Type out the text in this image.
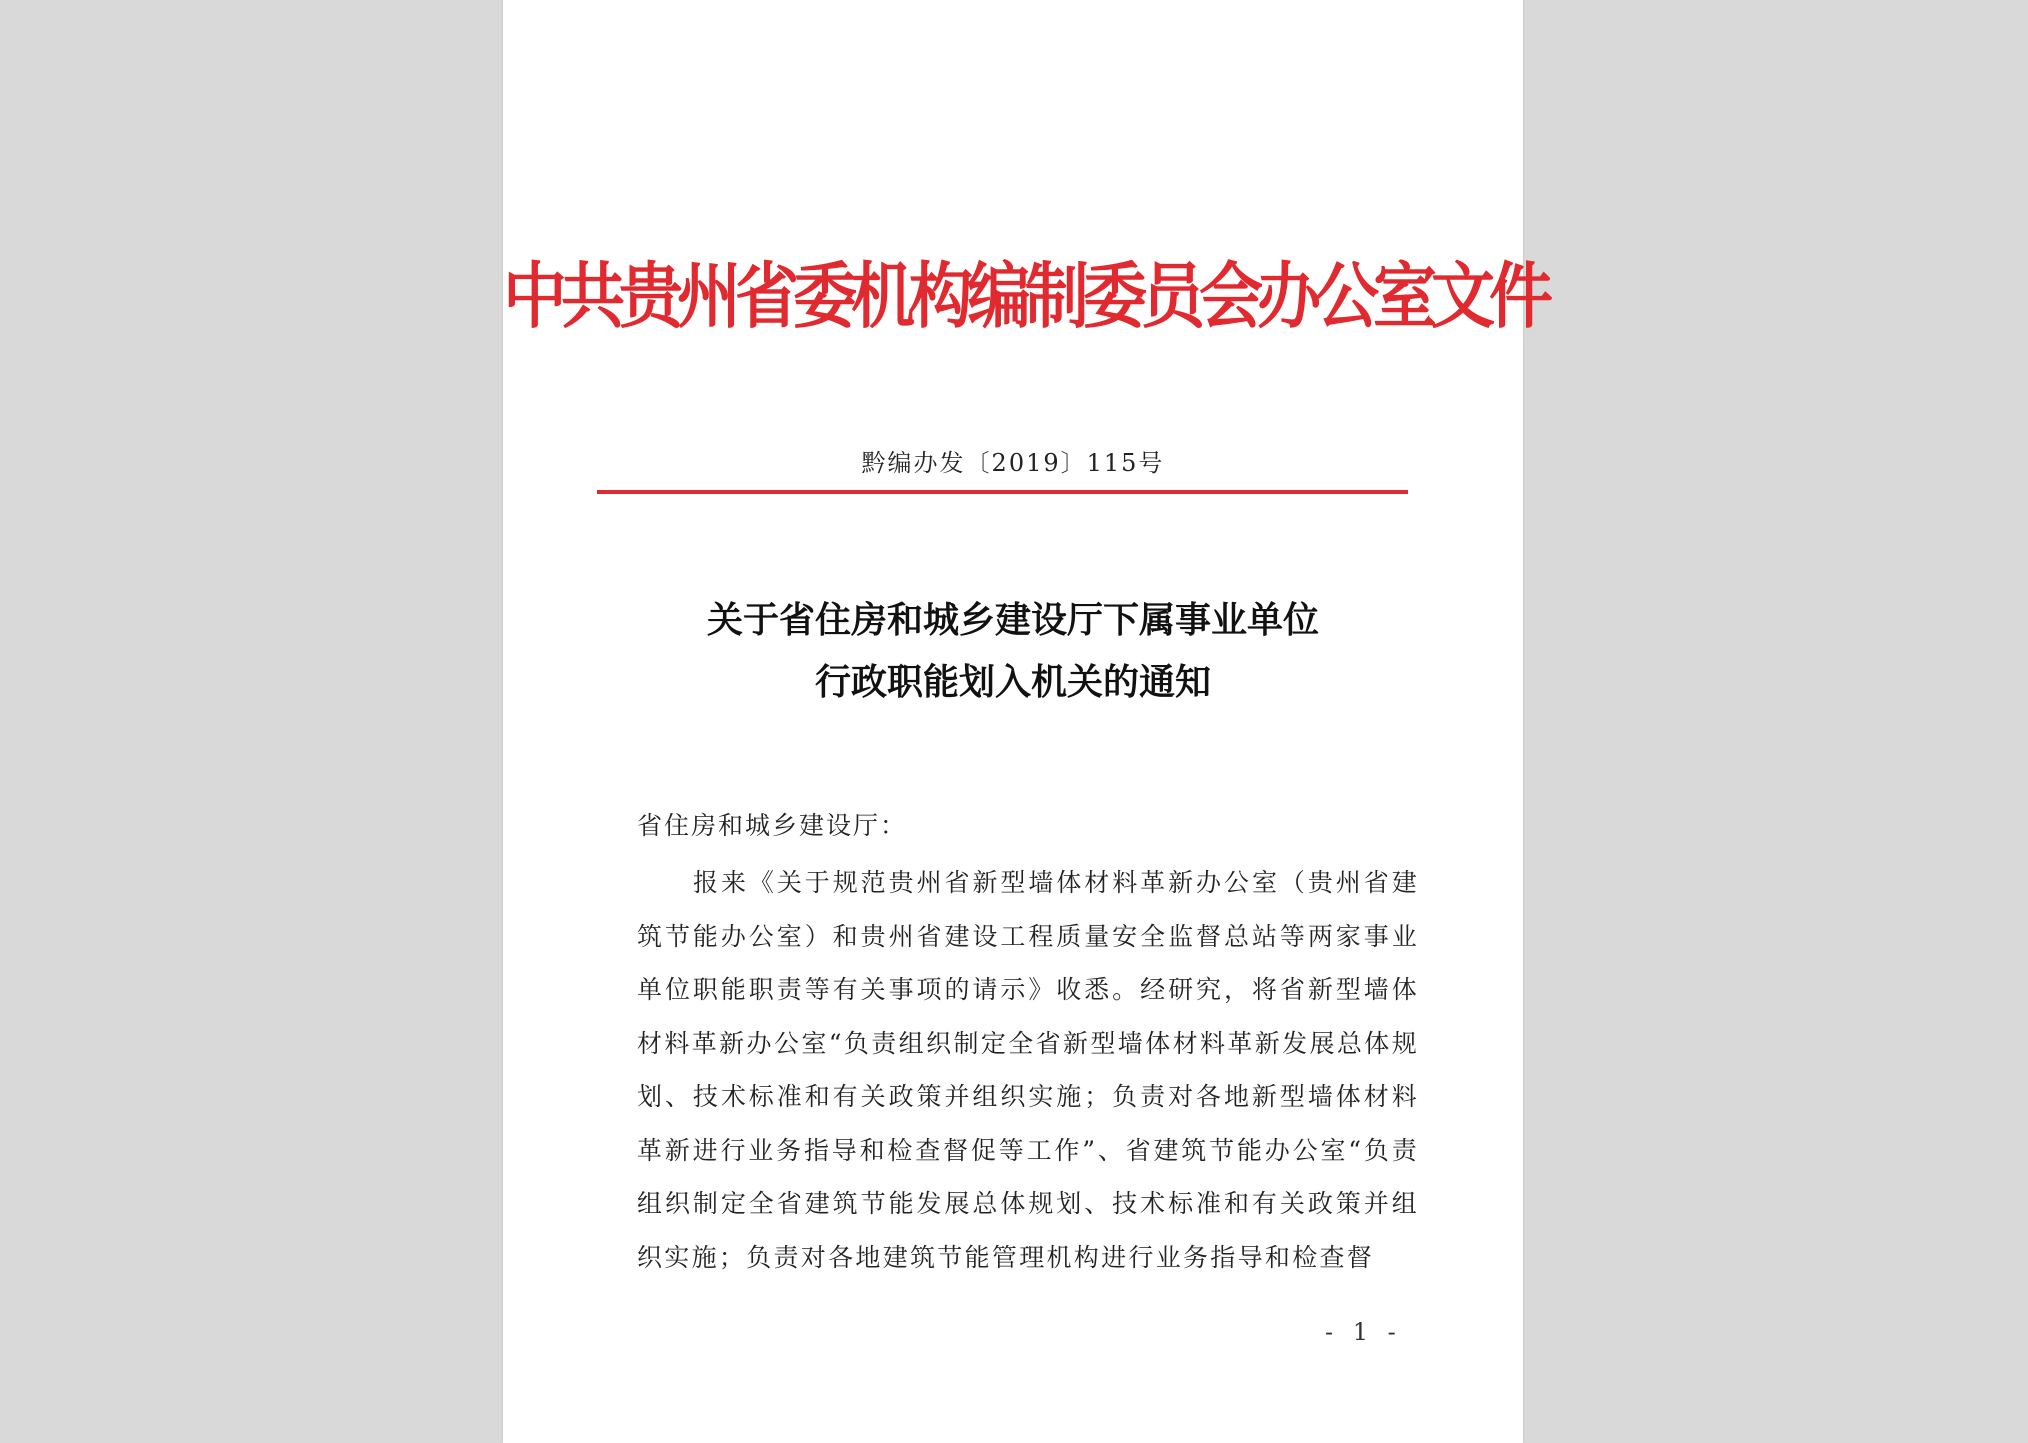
中共贵州省委机构编制委员会办公室文件
黔编办发〔2019〕115号
关于省住房和城乡建设厅下属事业单位
行政职能划入机关的通知
省住房和城乡建设厅：
报来《关于规范贵州省新型墙体材料革新办公室（贵州省建筑节能办公室）和贵州省建设工程质量安全监督总站等两家事业单位职能职责等有关事项的请示》收悉。经研究，将省新型墙体材料革新办公室“负责组织制定全省新型墙体材料革新发展总体规划、技术标准和有关政策并组织实施；负责对各地新型墙体材料革新进行业务指导和检查督促等工作”、省建筑节能办公室“负责组织制定全省建筑节能发展总体规划、技术标准和有关政策并组织实施；负责对各地建筑节能管理机构进行业务指导和检查督
- 1 -
